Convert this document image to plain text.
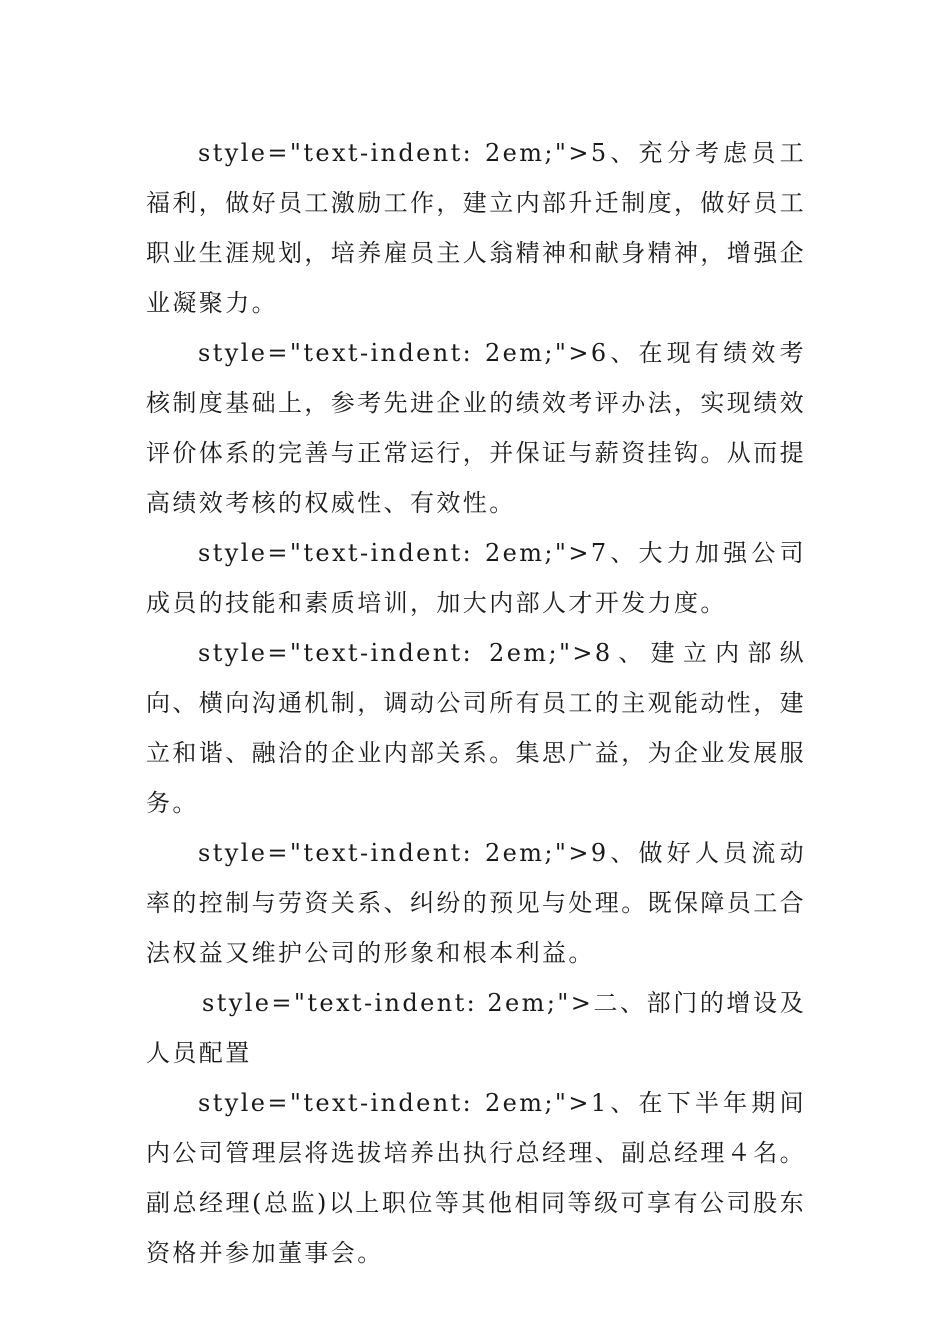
style="text-indent: 2em;">5、充分考虑员工福利，做好员工激励工作，建立内部升迁制度，做好员工职业生涯规划，培养雇员主人翁精神和献身精神，增强企业凝聚力。

style="text-indent: 2em;">6、在现有绩效考核制度基础上，参考先进企业的绩效考评办法，实现绩效评价体系的完善与正常运行，并保证与薪资挂钩。从而提高绩效考核的权威性、有效性。

style="text-indent: 2em;">7、大力加强公司成员的技能和素质培训，加大内部人才开发力度。

style="text-indent: 2em;">8、建立内部纵向、横向沟通机制，调动公司所有员工的主观能动性，建立和谐、融洽的企业内部关系。集思广益，为企业发展服务。

style="text-indent: 2em;">9、做好人员流动率的控制与劳资关系、纠纷的预见与处理。既保障员工合法权益又维护公司的形象和根本利益。

style="text-indent: 2em;">二、部门的增设及人员配置

style="text-indent: 2em;">1、在下半年期间内公司管理层将选拔培养出执行总经理、副总经理４名。副总经理(总监)以上职位等其他相同等级可享有公司股东资格并参加董事会。
